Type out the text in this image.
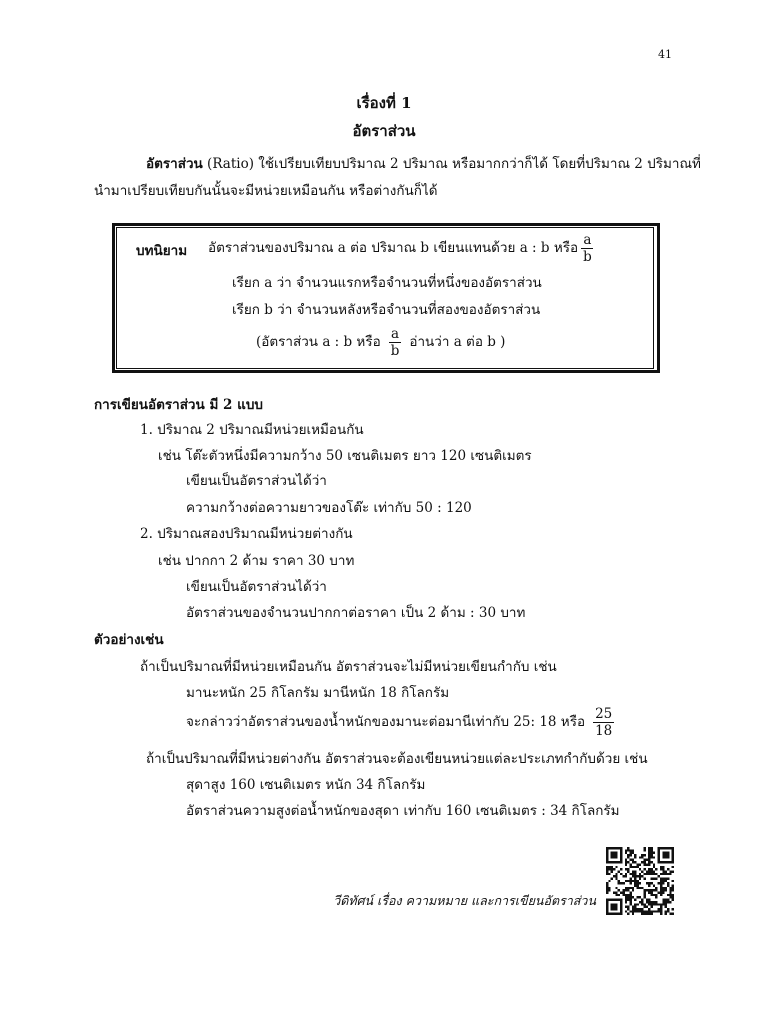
41
เรื่องที่ 1
อัตราส่วน
อัตราส่วน (Ratio) ใช้เปรียบเทียบปริมาณ 2 ปริมาณ หรือมากกว่าก็ได้ โดยที่ปริมาณ 2 ปริมาณที่
นำมาเปรียบเทียบกันนั้นจะมีหน่วยเหมือนกัน หรือต่างกันก็ได้
บทนิยาม อัตราส่วนของปริมาณ a ต่อ ปริมาณ b เขียนแทนด้วย a : b หรือ $\frac{a}{b}$
เรียก a ว่า จำนวนแรกหรือจำนวนที่หนึ่งของอัตราส่วน
เรียก b ว่า จำนวนหลังหรือจำนวนที่สองของอัตราส่วน
(อัตราส่วน a : b หรือ $\frac{a}{b}$ อ่านว่า a ต่อ b )
การเขียนอัตราส่วน มี 2 แบบ
1. ปริมาณ 2 ปริมาณมีหน่วยเหมือนกัน
เช่น โต๊ะตัวหนึ่งมีความกว้าง 50 เซนติเมตร ยาว 120 เซนติเมตร
เขียนเป็นอัตราส่วนได้ว่า
ความกว้างต่อความยาวของโต๊ะ เท่ากับ 50 : 120
2. ปริมาณสองปริมาณมีหน่วยต่างกัน
เช่น ปากกา 2 ด้าม ราคา 30 บาท
เขียนเป็นอัตราส่วนได้ว่า
อัตราส่วนของจำนวนปากกาต่อราคา เป็น 2 ด้าม : 30 บาท
ตัวอย่างเช่น
ถ้าเป็นปริมาณที่มีหน่วยเหมือนกัน อัตราส่วนจะไม่มีหน่วยเขียนกำกับ เช่น
มานะหนัก 25 กิโลกรัม มานีหนัก 18 กิโลกรัม
จะกล่าวว่าอัตราส่วนของน้ำหนักของมานะต่อมานีเท่ากับ 25: 18 หรือ $\frac{25}{18}$
ถ้าเป็นปริมาณที่มีหน่วยต่างกัน อัตราส่วนจะต้องเขียนหน่วยแต่ละประเภทกำกับด้วย เช่น
สุดาสูง 160 เซนติเมตร หนัก 34 กิโลกรัม
อัตราส่วนความสูงต่อน้ำหนักของสุดา เท่ากับ 160 เซนติเมตร : 34 กิโลกรัม
วีดิทัศน์ เรื่อง ความหมาย และการเขียนอัตราส่วน
